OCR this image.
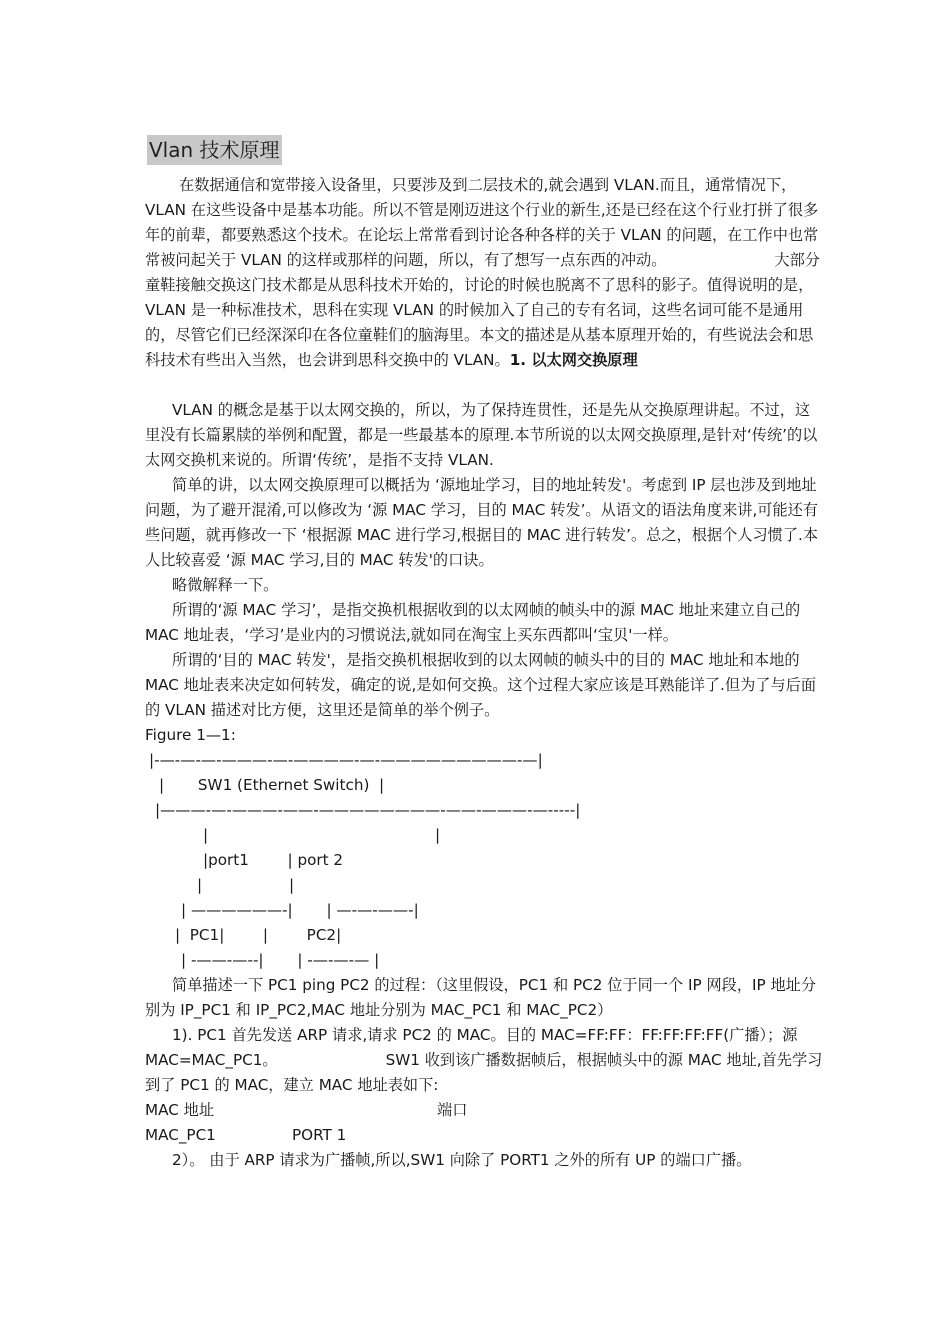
Vlan 技术原理

在数据通信和宽带接入设备里，只要涉及到二层技术的,就会遇到 VLAN.而且，通常情况下，VLAN 在这些设备中是基本功能。所以不管是刚迈进这个行业的新生,还是已经在这个行业打拼了很多年的前辈，都要熟悉这个技术。在论坛上常常看到讨论各种各样的关于 VLAN 的问题，在工作中也常常被问起关于 VLAN 的这样或那样的问题，所以，有了想写一点东西的冲动。	大部分童鞋接触交换这门技术都是从思科技术开始的，讨论的时候也脱离不了思科的影子。值得说明的是，VLAN 是一种标准技术，思科在实现 VLAN 的时候加入了自己的专有名词，这些名词可能不是通用的，尽管它们已经深深印在各位童鞋们的脑海里。本文的描述是从基本原理开始的，有些说法会和思科技术有些出入当然，也会讲到思科交换中的 VLAN。1. 以太网交换原理

VLAN 的概念是基于以太网交换的，所以，为了保持连贯性，还是先从交换原理讲起。不过，这里没有长篇累牍的举例和配置，都是一些最基本的原理.本节所说的以太网交换原理,是针对‘传统’的以太网交换机来说的。所谓‘传统’，是指不支持 VLAN.

简单的讲，以太网交换原理可以概括为 ‘源地址学习，目的地址转发'。考虑到 IP 层也涉及到地址问题，为了避开混淆,可以修改为 ‘源 MAC 学习，目的 MAC 转发’。从语文的语法角度来讲,可能还有些问题，就再修改一下 ‘根据源 MAC 进行学习,根据目的 MAC 进行转发’。总之，根据个人习惯了.本人比较喜爱 ‘源 MAC 学习,目的 MAC 转发'的口诀。

略微解释一下。

所谓的‘源 MAC 学习’，是指交换机根据收到的以太网帧的帧头中的源 MAC 地址来建立自己的 MAC 地址表，‘学习’是业内的习惯说法,就如同在淘宝上买东西都叫‘宝贝'一样。

所谓的‘目的 MAC 转发'，是指交换机根据收到的以太网帧的帧头中的目的 MAC 地址和本地的 MAC 地址表来决定如何转发，确定的说,是如何交换。这个过程大家应该是耳熟能详了.但为了与后面的 VLAN 描述对比方便，这里还是简单的举个例子。

Figure 1—1:

|-—-—-—-———-—-————-—-—————————-—|

|       SW1 (Ethernet Switch)  |

|———-—-———-——-————————-——-———-—-----|

|                                               |

|port1        | port 2

|                  |

| ——————-|       | —-—-——-|

|  PC1|        |        PC2|

| -——-—--|       | -—-—-— |

简单描述一下 PC1 ping PC2 的过程：（这里假设，PC1 和 PC2 位于同一个 IP 网段，IP 地址分别为 IP_PC1 和 IP_PC2,MAC 地址分别为 MAC_PC1 和 MAC_PC2）

1). PC1 首先发送 ARP 请求,请求 PC2 的 MAC。目的 MAC=FF:FF：FF:FF:FF:FF(广播）；源 MAC=MAC_PC1。	SW1 收到该广播数据帧后，根据帧头中的源 MAC 地址,首先学习到了 PC1 的 MAC，建立 MAC 地址表如下:

MAC 地址	端口
MAC_PC1	PORT 1

2）。 由于 ARP 请求为广播帧,所以,SW1 向除了 PORT1 之外的所有 UP 的端口广播。
